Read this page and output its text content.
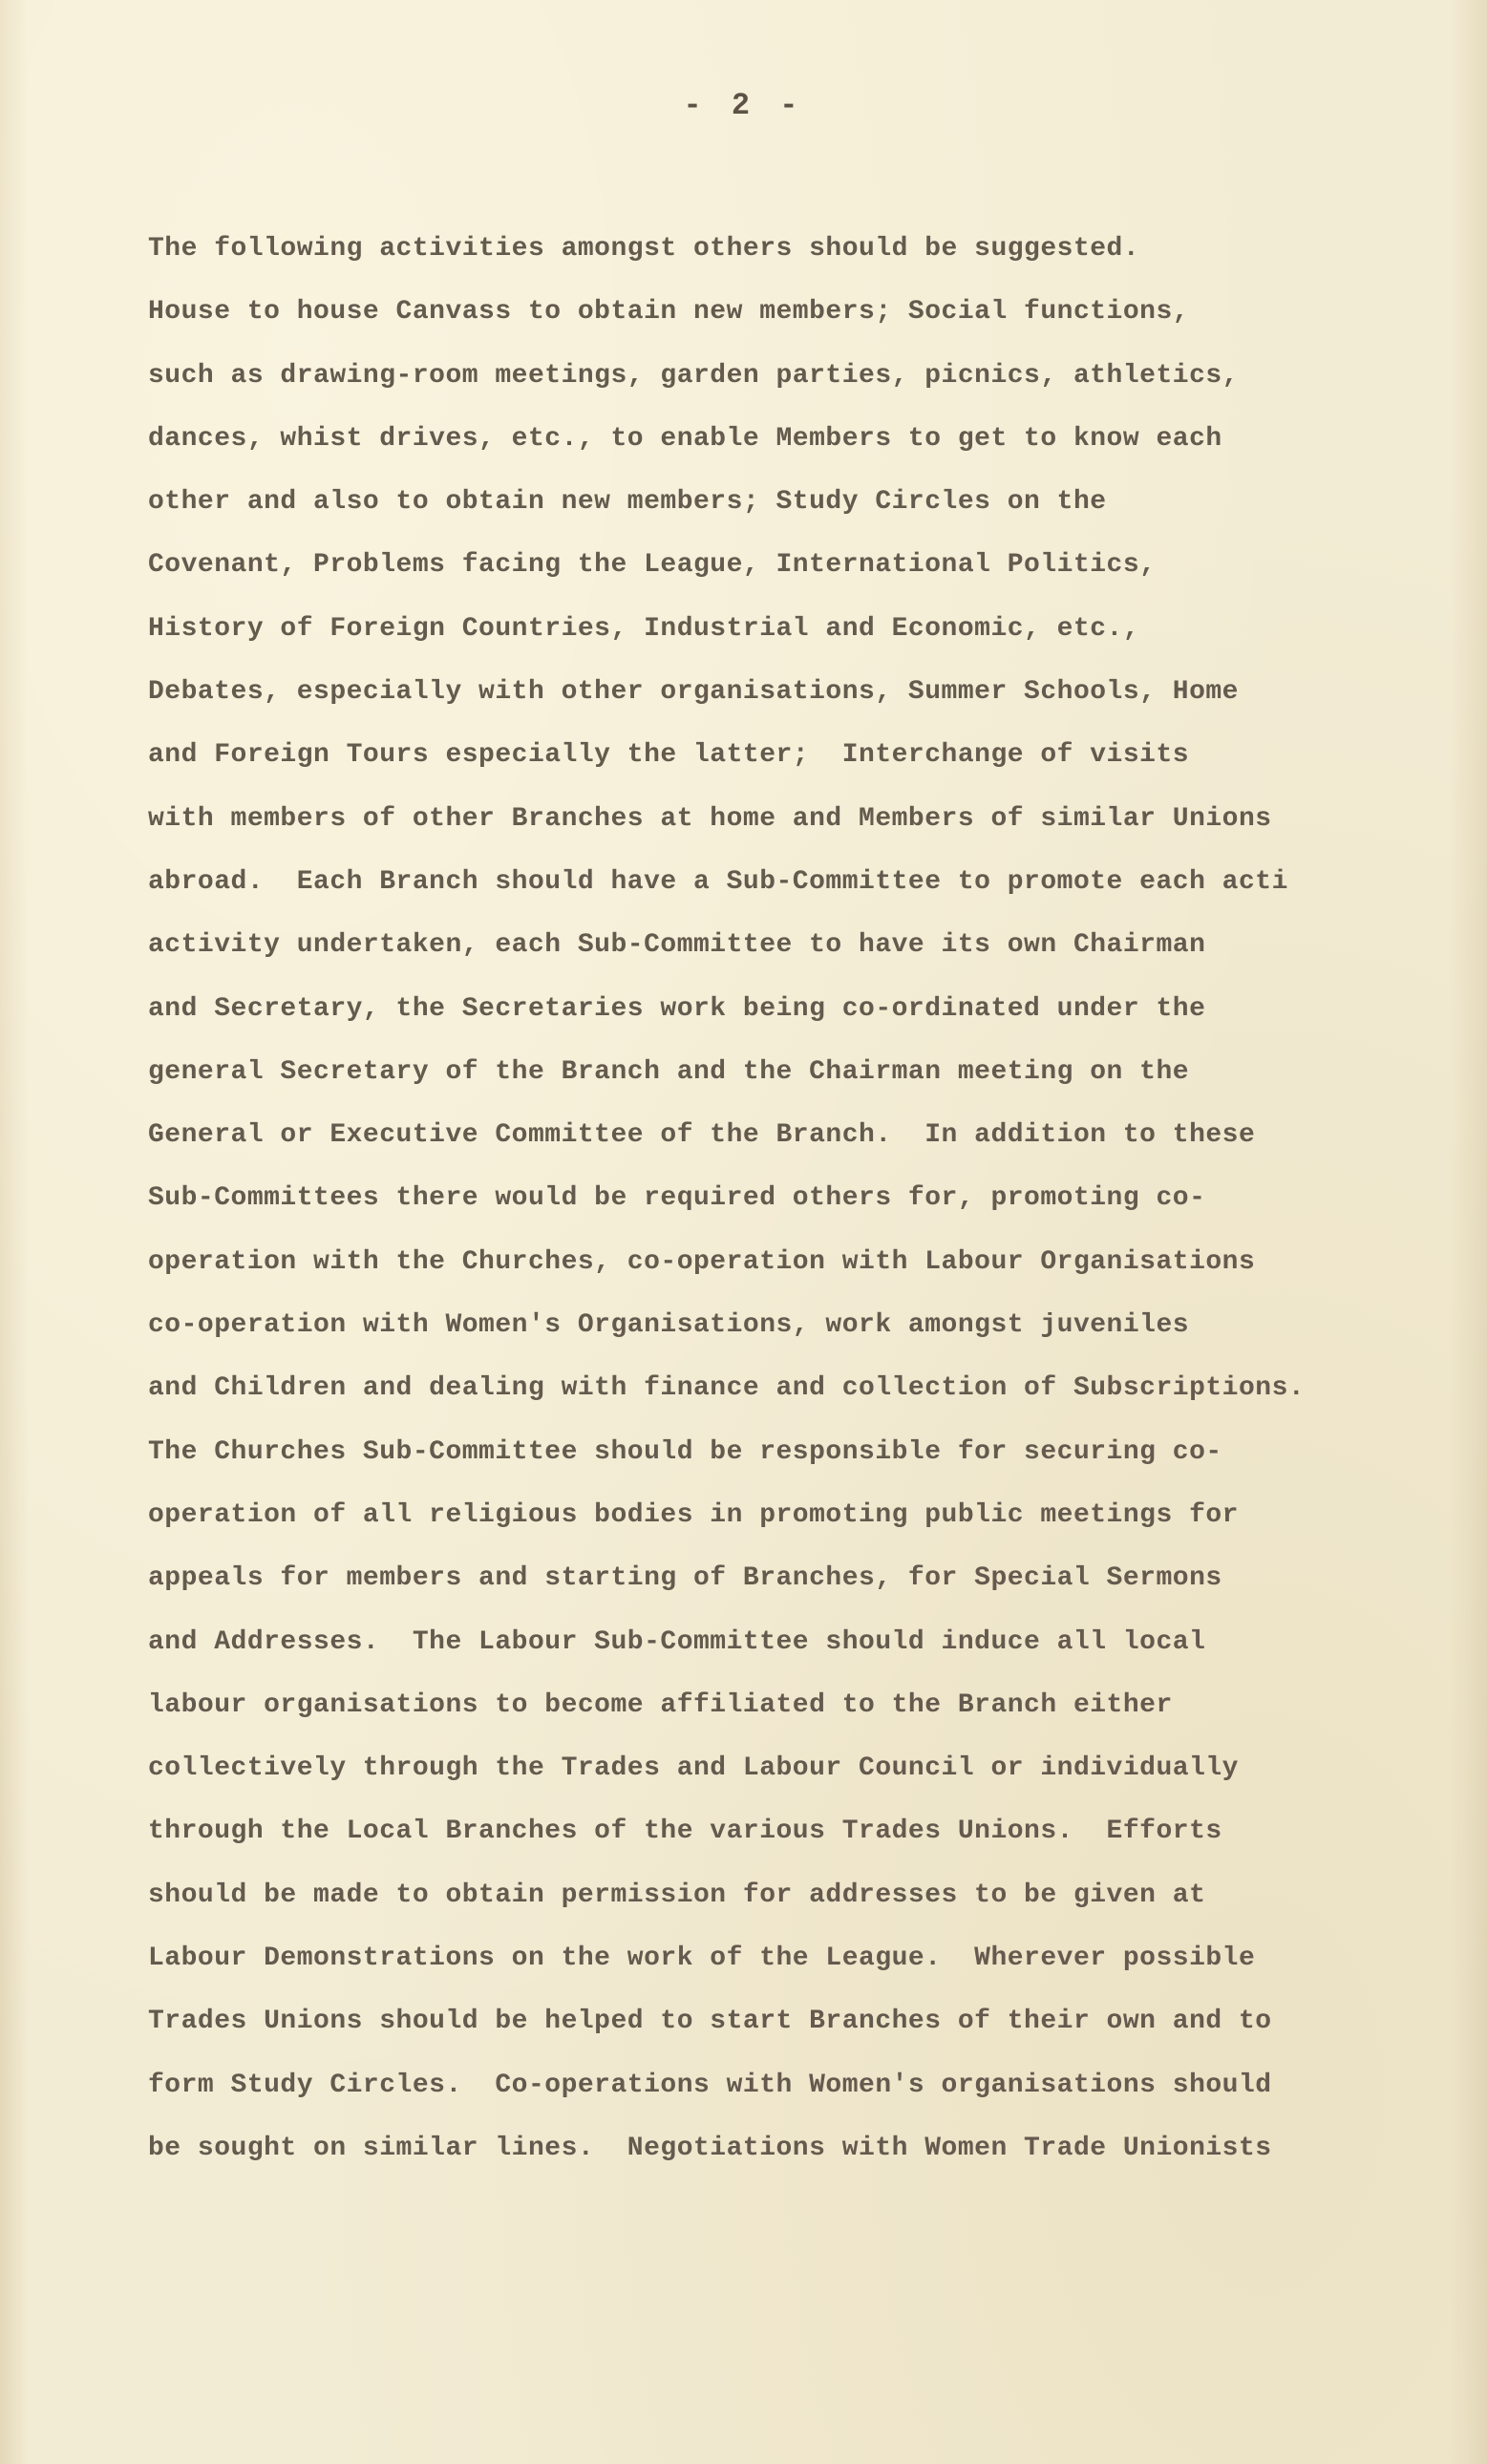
- 2 -
The following activities amongst others should be suggested.
House to house Canvass to obtain new members; Social functions,
such as drawing-room meetings, garden parties, picnics, athletics,
dances, whist drives, etc., to enable Members to get to know each
other and also to obtain new members; Study Circles on the
Covenant, Problems facing the League, International Politics,
History of Foreign Countries, Industrial and Economic, etc.,
Debates, especially with other organisations, Summer Schools, Home
and Foreign Tours especially the latter;  Interchange of visits
with members of other Branches at home and Members of similar Unions
abroad.  Each Branch should have a Sub-Committee to promote each acti
activity undertaken, each Sub-Committee to have its own Chairman
and Secretary, the Secretaries work being co-ordinated under the
general Secretary of the Branch and the Chairman meeting on the
General or Executive Committee of the Branch.  In addition to these
Sub-Committees there would be required others for, promoting co-
operation with the Churches, co-operation with Labour Organisations
co-operation with Women's Organisations, work amongst juveniles
and Children and dealing with finance and collection of Subscriptions.
The Churches Sub-Committee should be responsible for securing co-
operation of all religious bodies in promoting public meetings for
appeals for members and starting of Branches, for Special Sermons
and Addresses.  The Labour Sub-Committee should induce all local
labour organisations to become affiliated to the Branch either
collectively through the Trades and Labour Council or individually
through the Local Branches of the various Trades Unions.  Efforts
should be made to obtain permission for addresses to be given at
Labour Demonstrations on the work of the League.  Wherever possible
Trades Unions should be helped to start Branches of their own and to
form Study Circles.  Co-operations with Women's organisations should
be sought on similar lines.  Negotiations with Women Trade Unionists
